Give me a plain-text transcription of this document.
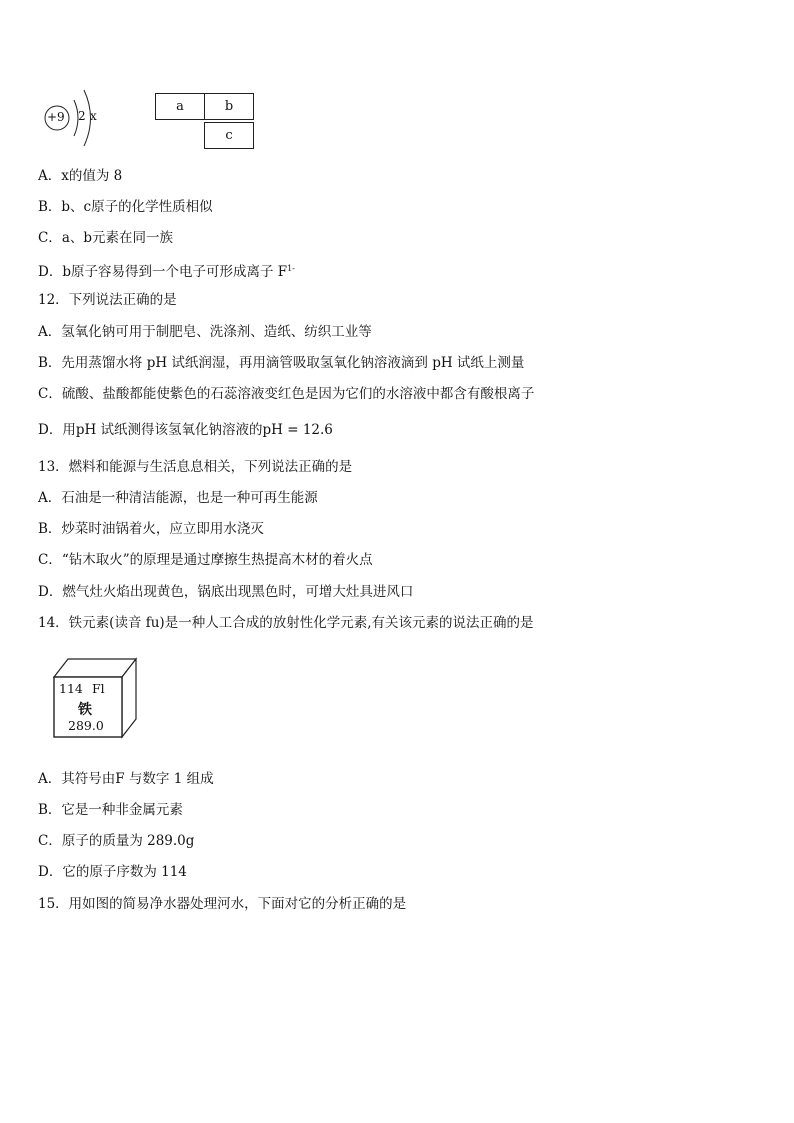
+9 2 x
a	b
c
A．x的值为 8
B．b、c原子的化学性质相似
C．a、b元素在同一族
D．b原子容易得到一个电子可形成离子 $F^{1-}$
12．下列说法正确的是
A．氢氧化钠可用于制肥皂、洗涤剂、造纸、纺织工业等
B．先用蒸馏水将 pH 试纸润湿，再用滴管吸取氢氧化钠溶液滴到 pH 试纸上测量
C．硫酸、盐酸都能使紫色的石蕊溶液变红色是因为它们的水溶液中都含有酸根离子
D．用pH 试纸测得该氢氧化钠溶液的pH = 12.6
13．燃料和能源与生活息息相关，下列说法正确的是
A．石油是一种清洁能源，也是一种可再生能源
B．炒菜时油锅着火，应立即用水浇灭
C．“钻木取火”的原理是通过摩擦生热提高木材的着火点
D．燃气灶火焰出现黄色，锅底出现黑色时，可增大灶具进风口
14．铁元素(读音 fu)是一种人工合成的放射性化学元素,有关该元素的说法正确的是
114 Fl
铁
289.0
A．其符号由F 与数字 1 组成
B．它是一种非金属元素
C．原子的质量为 289.0g
D．它的原子序数为 114
15．用如图的简易净水器处理河水，下面对它的分析正确的是
